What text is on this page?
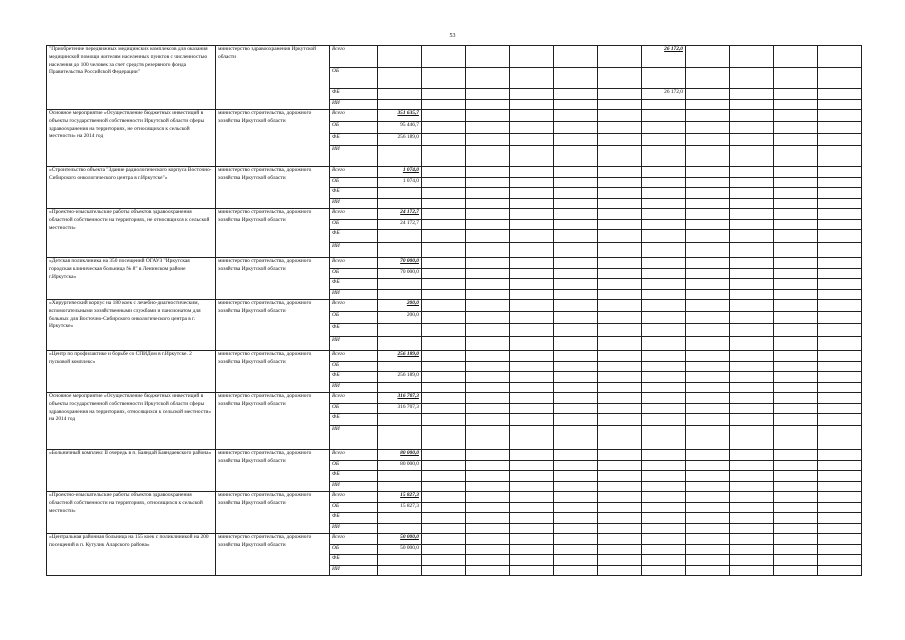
53
"Приобретение передвижных медицинских комплексов для оказания медицинской помощи жителям населенных пунктов с численностью населения до 100 человек за счет средств резервного фонда Правительства Российской Федерации"	министерство здравоохранения Иркутской области	Всего							26 172,0				
		ОБ											
		ФБ							26 172,0				
		ИИ											
Основное мероприятие «Осуществление бюджетных инвестиций в объекты государственной собственности Иркутской области сферы здравоохранения на территориях, не относящихся к сельской местности» на 2014 год	министерство строительства, дорожного хозяйства Иркутской области	Всего	351 635,7										
		ОБ	95 446,7										
		ФБ	256 189,0										
		ИИ											
«Строительство объекта "Здание радиологического корпуса Восточно-Сибирского онкологического центра в г.Иркутске"»	министерство строительства, дорожного хозяйства Иркутской области	Всего	1 074,0										
		ОБ	1 074,0										
		ФБ											
		ИИ											
«Проектно-изыскательские работы объектов здравоохранения областной собственности на территориях, не относящихся к сельской местности»	министерство строительства, дорожного хозяйства Иркутской области	Всего	24 172,7										
		ОБ	24 172,7										
		ФБ											
		ИИ											
«Детская поликлиника на 350 посещений ОГАУЗ "Иркутская городская клиническая больница № 8" в Ленинском районе г.Иркутска»	министерство строительства, дорожного хозяйства Иркутской области	Всего	70 000,0										
		ОБ	70 000,0										
		ФБ											
		ИИ											
«Хирургический корпус на 180 коек с лечебно-диагностическим, вспомогательными хозяйственными службами и пансионатом для больных для Восточно-Сибирского онкологического центра в г. Иркутске»	министерство строительства, дорожного хозяйства Иркутской области	Всего	200,0										
		ОБ	200,0										
		ФБ											
		ИИ											
«Центр по профилактике и борьбе со СПИДом в г.Иркутске. 2 пусковой комплекс»	министерство строительства, дорожного хозяйства Иркутской области	Всего	256 189,0										
		ОБ											
		ФБ	256 189,0										
		ИИ											
Основное мероприятие «Осуществление бюджетных инвестиций в объекты государственной собственности Иркутской области сферы здравоохранения на территориях, относящихся к сельской местности» на 2014 год	министерство строительства, дорожного хозяйства Иркутской области	Всего	316 707,3										
		ОБ	316 707,3										
		ФБ											
		ИИ											
«Больничный комплекс II очередь в п. Баяндай Баяндаевского района»	министерство строительства, дорожного хозяйства Иркутской области	Всего	80 000,0										
		ОБ	80 000,0										
		ФБ											
		ИИ											
«Проектно-изыскательские работы объектов здравоохранения областной собственности на территориях, относящихся к сельской местности»	министерство строительства, дорожного хозяйства Иркутской области	Всего	15 827,3										
		ОБ	15 827,3										
		ФБ											
		ИИ											
«Центральная районная больница на 155 коек с поликлиникой на 200 посещений в п. Кутулик Аларского района»	министерство строительства, дорожного хозяйства Иркутской области	Всего	50 000,0										
		ОБ	50 000,0										
		ФБ											
		ИИ											
